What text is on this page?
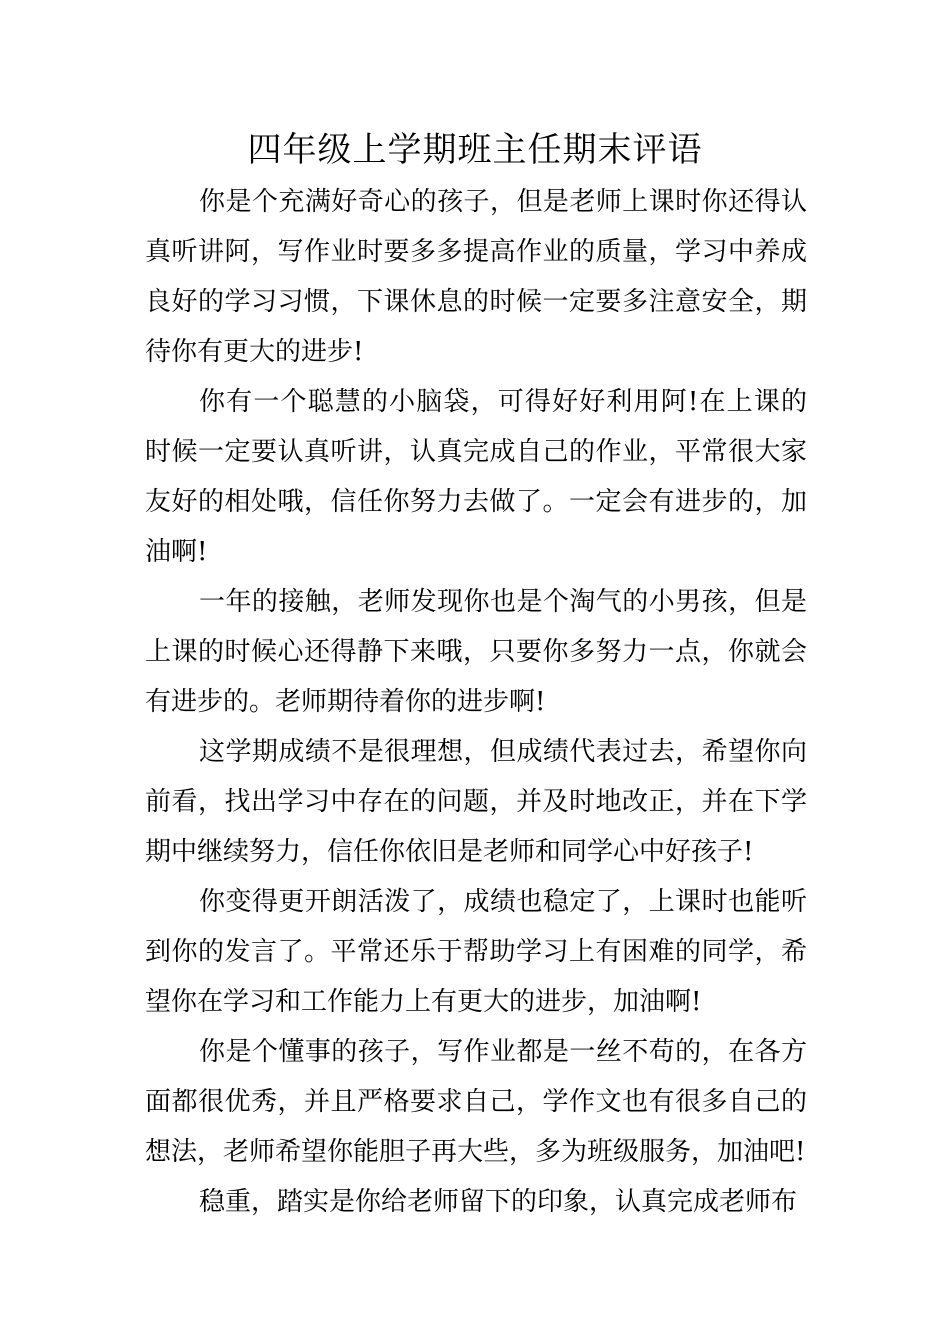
四年级上学期班主任期末评语

你是个充满好奇心的孩子，但是老师上课时你还得认真听讲阿，写作业时要多多提高作业的质量，学习中养成良好的学习习惯，下课休息的时候一定要多注意安全，期待你有更大的进步!

你有一个聪慧的小脑袋，可得好好利用阿!在上课的时候一定要认真听讲，认真完成自己的作业，平常很大家友好的相处哦，信任你努力去做了。一定会有进步的，加油啊!

一年的接触，老师发现你也是个淘气的小男孩，但是上课的时候心还得静下来哦，只要你多努力一点，你就会有进步的。老师期待着你的进步啊!

这学期成绩不是很理想，但成绩代表过去，希望你向前看，找出学习中存在的问题，并及时地改正，并在下学期中继续努力，信任你依旧是老师和同学心中好孩子!

你变得更开朗活泼了，成绩也稳定了，上课时也能听到你的发言了。平常还乐于帮助学习上有困难的同学，希望你在学习和工作能力上有更大的进步，加油啊!

你是个懂事的孩子，写作业都是一丝不苟的，在各方面都很优秀，并且严格要求自己，学作文也有很多自己的想法，老师希望你能胆子再大些，多为班级服务，加油吧!

稳重，踏实是你给老师留下的印象，认真完成老师布
